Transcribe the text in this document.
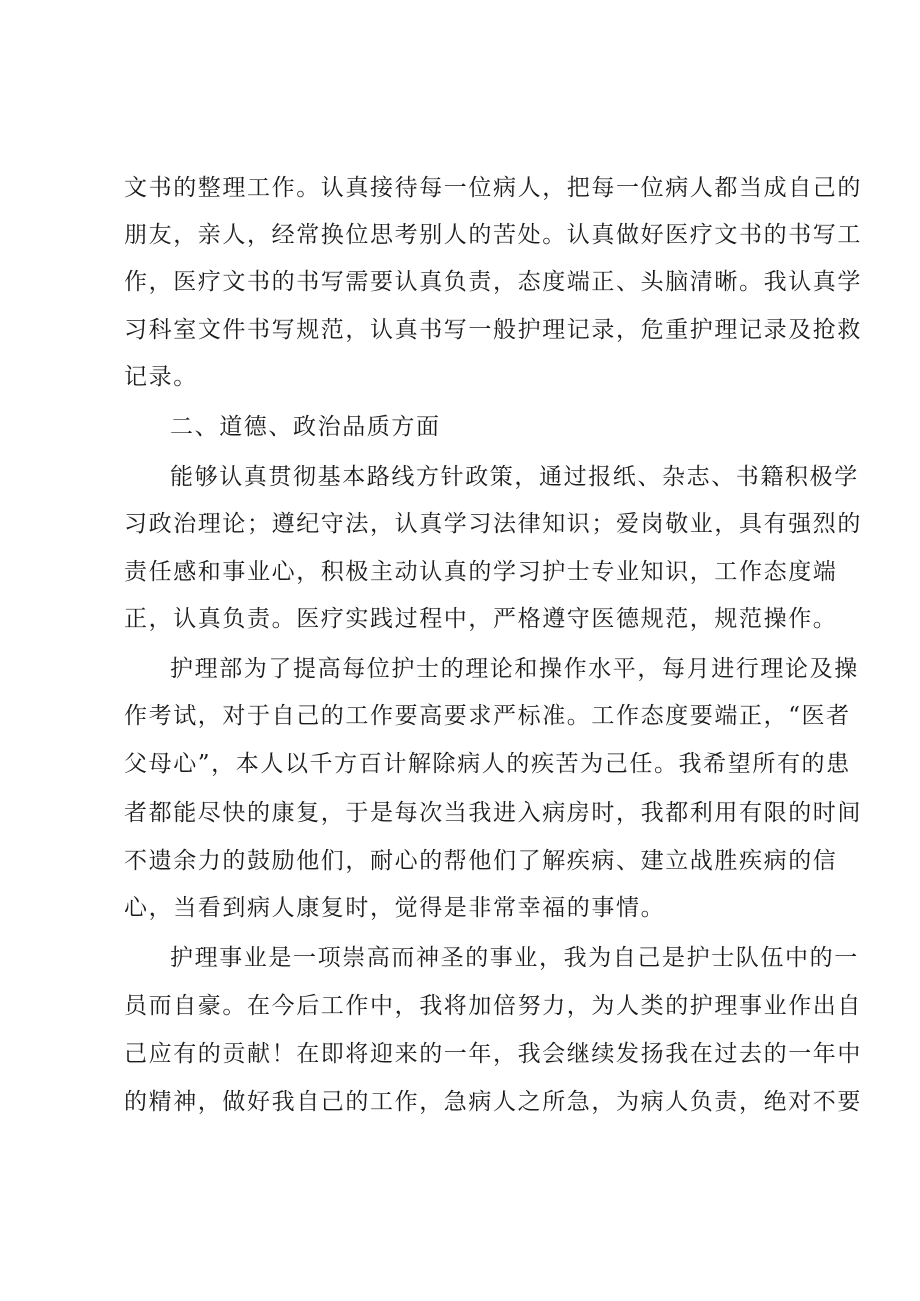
文书的整理工作。认真接待每一位病人，把每一位病人都当成自己的
朋友，亲人，经常换位思考别人的苦处。认真做好医疗文书的书写工
作，医疗文书的书写需要认真负责，态度端正、头脑清晰。我认真学
习科室文件书写规范，认真书写一般护理记录，危重护理记录及抢救
记录。
二、道德、政治品质方面
能够认真贯彻基本路线方针政策，通过报纸、杂志、书籍积极学
习政治理论；遵纪守法，认真学习法律知识；爱岗敬业，具有强烈的
责任感和事业心，积极主动认真的学习护士专业知识，工作态度端
正，认真负责。医疗实践过程中，严格遵守医德规范，规范操作。
护理部为了提高每位护士的理论和操作水平，每月进行理论及操
作考试，对于自己的工作要高要求严标准。工作态度要端正，“医者
父母心”，本人以千方百计解除病人的疾苦为己任。我希望所有的患
者都能尽快的康复，于是每次当我进入病房时，我都利用有限的时间
不遗余力的鼓励他们，耐心的帮他们了解疾病、建立战胜疾病的信
心，当看到病人康复时，觉得是非常幸福的事情。
护理事业是一项崇高而神圣的事业，我为自己是护士队伍中的一
员而自豪。在今后工作中，我将加倍努力，为人类的护理事业作出自
己应有的贡献！在即将迎来的一年，我会继续发扬我在过去的一年中
的精神，做好我自己的工作，急病人之所急，为病人负责，绝对不要
